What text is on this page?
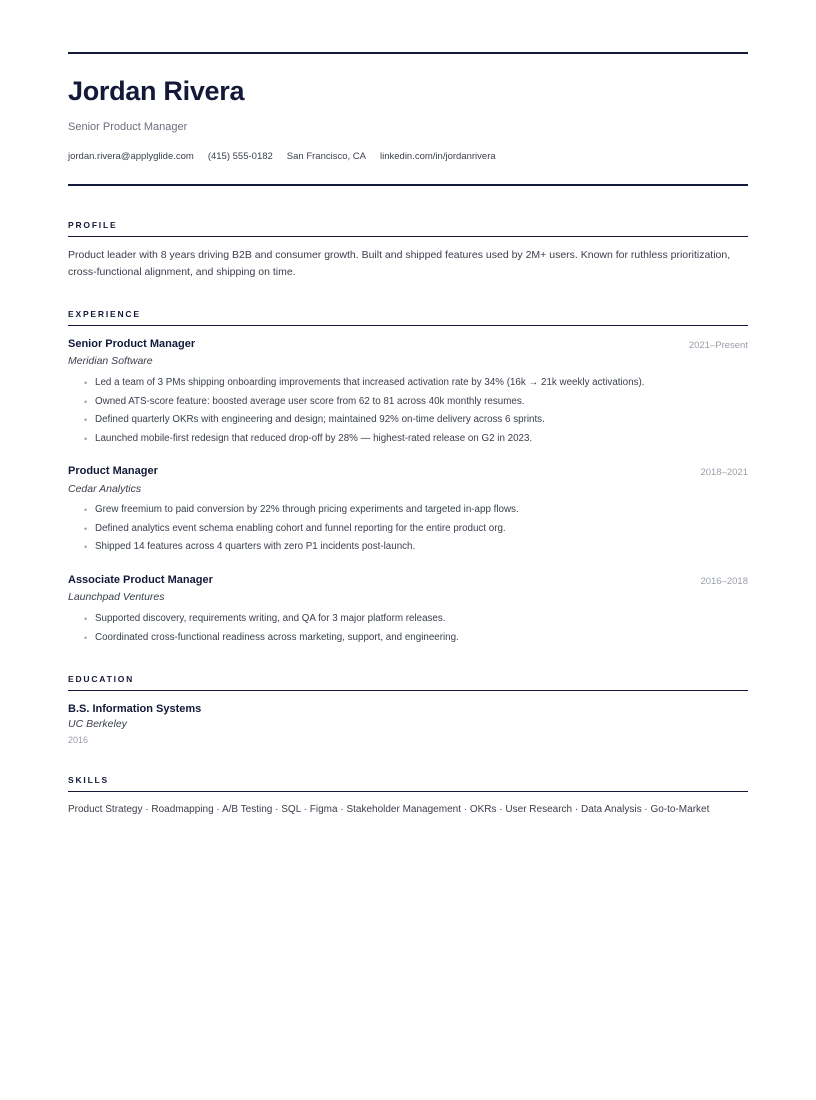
Jordan Rivera
Senior Product Manager
jordan.rivera@applyglide.com (415) 555-0182 San Francisco, CA linkedin.com/in/jordanrivera
PROFILE
Product leader with 8 years driving B2B and consumer growth. Built and shipped features used by 2M+ users. Known for ruthless prioritization, cross-functional alignment, and shipping on time.
EXPERIENCE
Senior Product Manager	2021–Present
Meridian Software
• Led a team of 3 PMs shipping onboarding improvements that increased activation rate by 34% (16k → 21k weekly activations).
• Owned ATS-score feature: boosted average user score from 62 to 81 across 40k monthly resumes.
• Defined quarterly OKRs with engineering and design; maintained 92% on-time delivery across 6 sprints.
• Launched mobile-first redesign that reduced drop-off by 28% — highest-rated release on G2 in 2023.
Product Manager	2018–2021
Cedar Analytics
• Grew freemium to paid conversion by 22% through pricing experiments and targeted in-app flows.
• Defined analytics event schema enabling cohort and funnel reporting for the entire product org.
• Shipped 14 features across 4 quarters with zero P1 incidents post-launch.
Associate Product Manager	2016–2018
Launchpad Ventures
• Supported discovery, requirements writing, and QA for 3 major platform releases.
• Coordinated cross-functional readiness across marketing, support, and engineering.
EDUCATION
B.S. Information Systems
UC Berkeley
2016
SKILLS
Product Strategy · Roadmapping · A/B Testing · SQL · Figma · Stakeholder Management · OKRs · User Research · Data Analysis · Go-to-Market
